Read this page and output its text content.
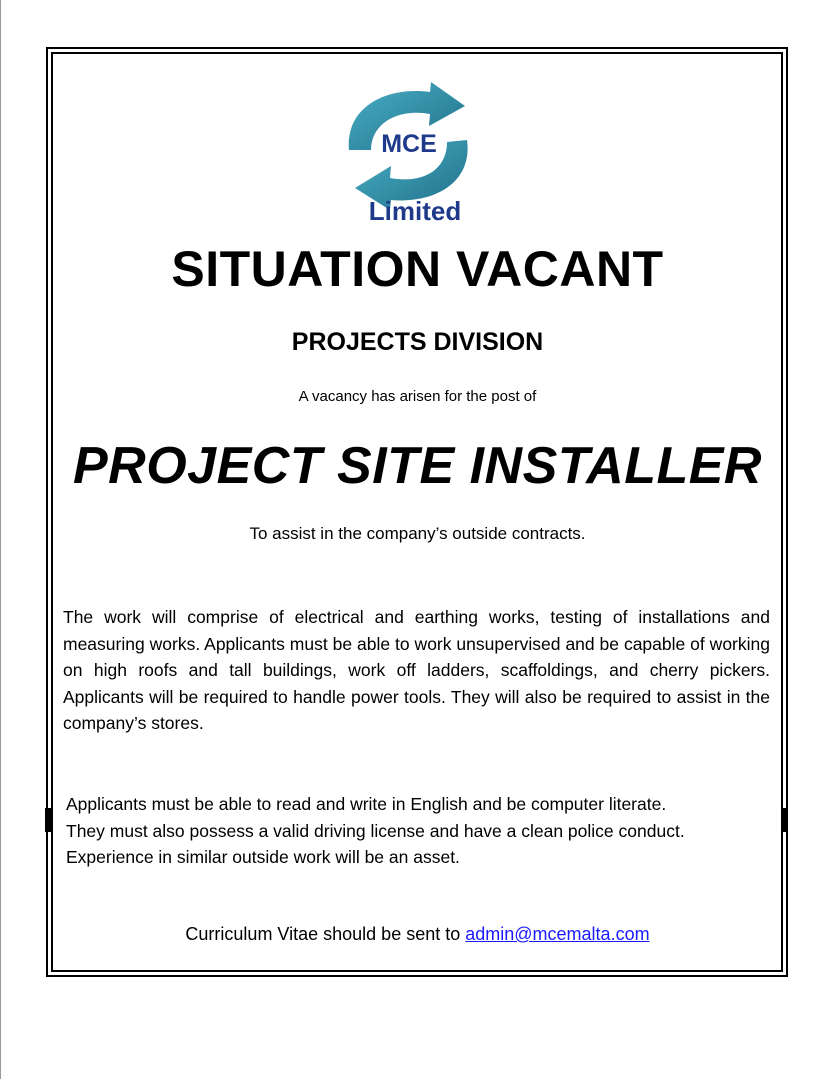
MCE
Limited
SITUATION VACANT
PROJECTS DIVISION
A vacancy has arisen for the post of
PROJECT SITE INSTALLER
To assist in the company’s outside contracts.
The work will comprise of electrical and earthing works, testing of installations and measuring works. Applicants must be able to work unsupervised and be capable of working on high roofs and tall buildings, work off ladders, scaffoldings, and cherry pickers. Applicants will be required to handle power tools. They will also be required to assist in the company’s stores.
Applicants must be able to read and write in English and be computer literate.
They must also possess a valid driving license and have a clean police conduct.
Experience in similar outside work will be an asset.
Curriculum Vitae should be sent to admin@mcemalta.com
